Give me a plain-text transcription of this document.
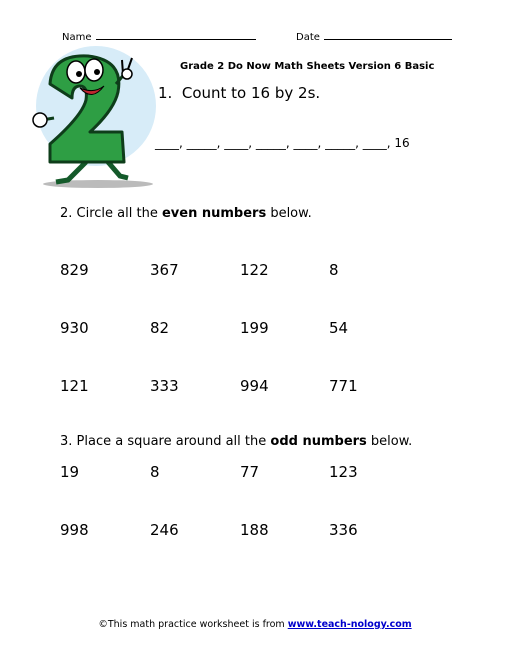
Name	Date
Grade 2 Do Now Math Sheets Version 6 Basic
1. Count to 16 by 2s.
____, _____, ____, _____, ____, _____, ____, 16
2. Circle all the even numbers below.
829	367	122	8
930	82	199	54
121	333	994	771
3. Place a square around all the odd numbers below.
19	8	77	123
998	246	188	336
©This math practice worksheet is from www.teach-nology.com
